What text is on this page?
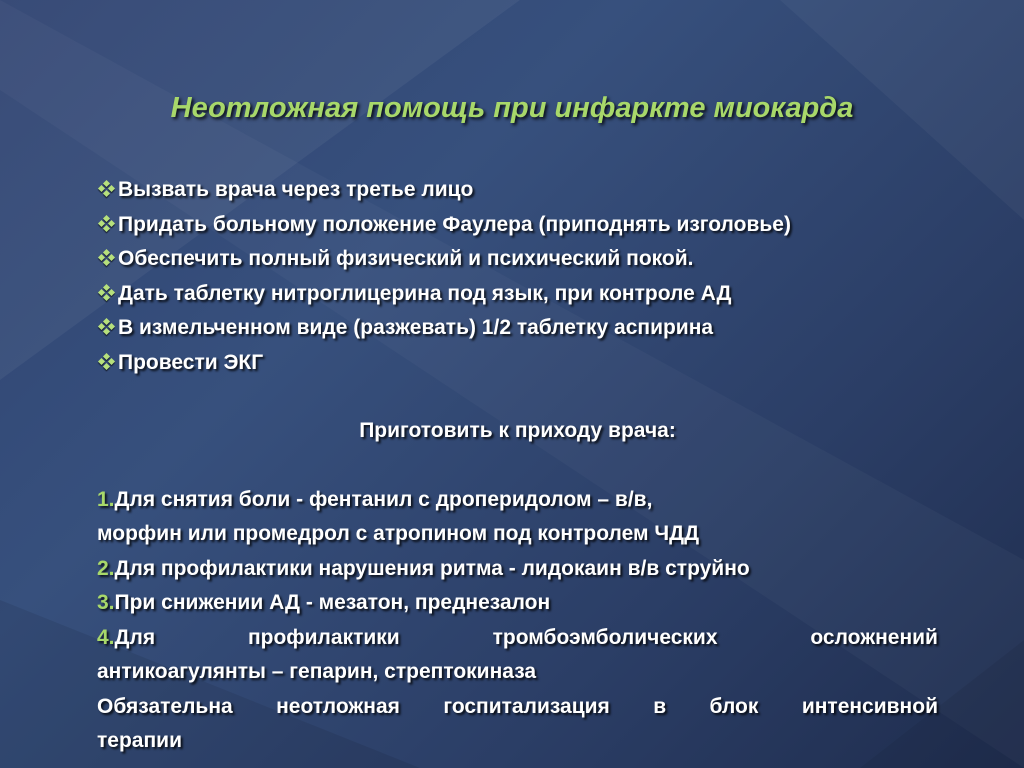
Неотложная помощь при инфаркте миокарда
Вызвать врача через третье лицо
Придать больному положение Фаулера (приподнять изголовье)
Обеспечить полный физический и психический покой.
Дать таблетку нитроглицерина под язык, при контроле АД
В измельченном виде (разжевать) 1/2 таблетку аспирина
Провести ЭКГ
Приготовить к приходу врача:
1.Для снятия боли - фентанил с дроперидолом – в/в,
морфин или промедрол с атропином под контролем ЧДД
2.Для профилактики нарушения ритма - лидокаин в/в струйно
3.При снижении АД - мезатон, преднезалон
4.Для	профилактики	тромбоэмболических	осложнений
антикоагулянты – гепарин, стрептокиназа
Обязательна неотложная госпитализация в блок интенсивной
терапии
